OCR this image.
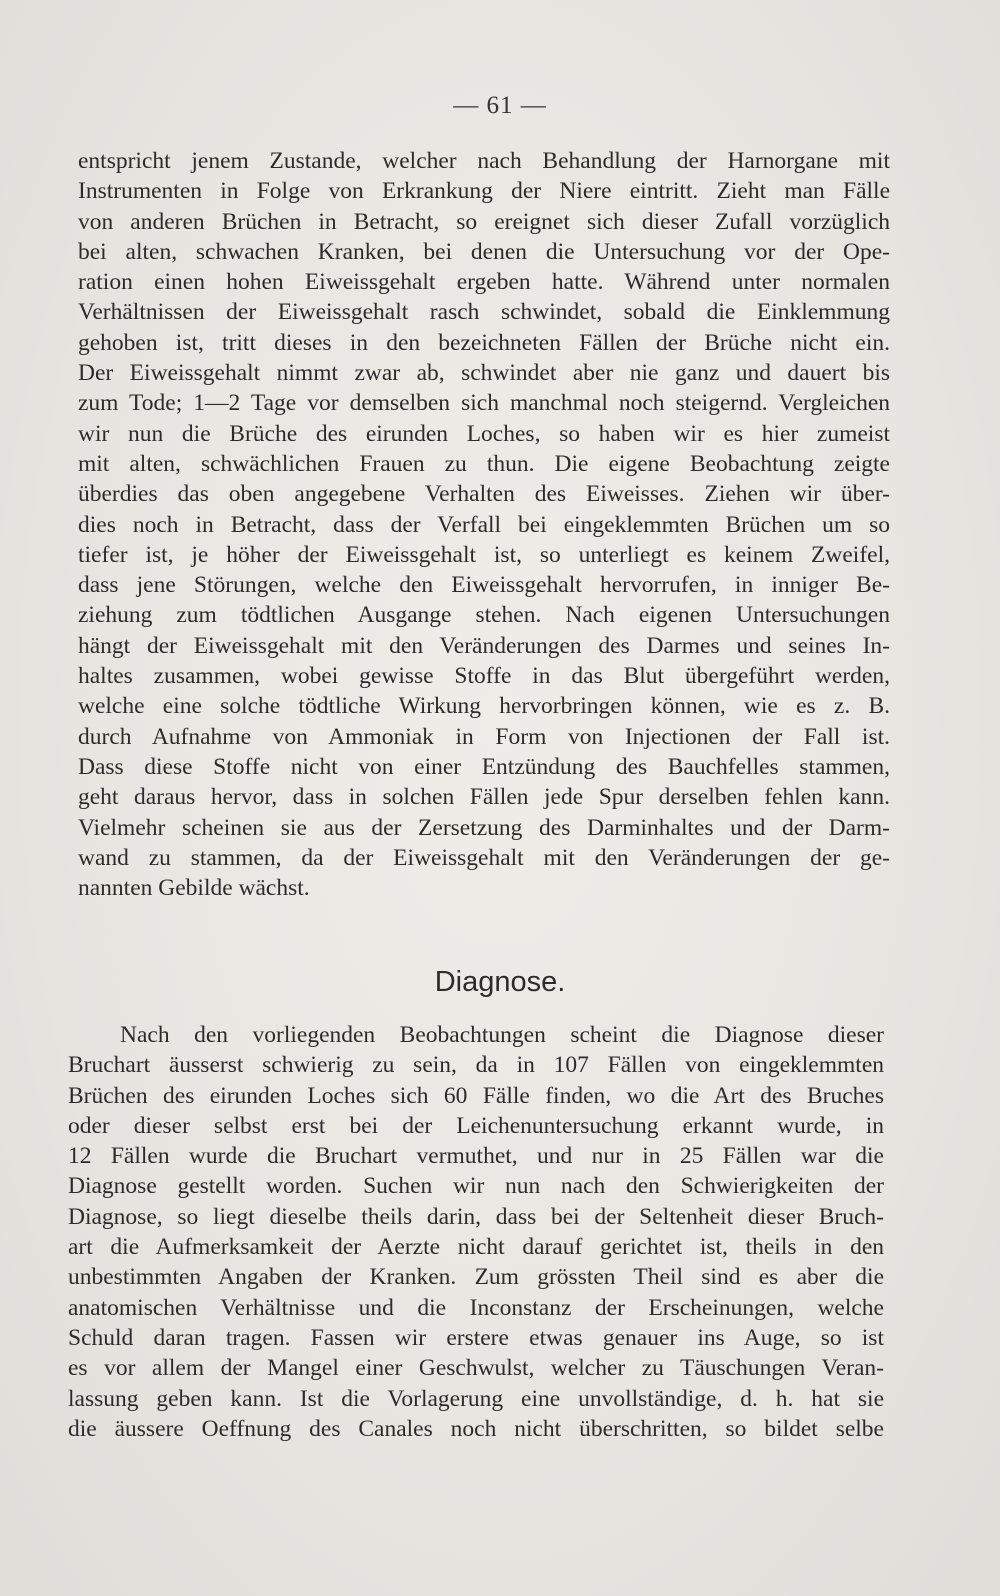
— 61 —
entspricht jenem Zustande, welcher nach Behandlung der Harnorgane mit
Instrumenten in Folge von Erkrankung der Niere eintritt. Zieht man Fälle
von anderen Brüchen in Betracht, so ereignet sich dieser Zufall vorzüglich
bei alten, schwachen Kranken, bei denen die Untersuchung vor der Ope-
ration einen hohen Eiweissgehalt ergeben hatte. Während unter normalen
Verhältnissen der Eiweissgehalt rasch schwindet, sobald die Einklemmung
gehoben ist, tritt dieses in den bezeichneten Fällen der Brüche nicht ein.
Der Eiweissgehalt nimmt zwar ab, schwindet aber nie ganz und dauert bis
zum Tode; 1—2 Tage vor demselben sich manchmal noch steigernd. Vergleichen
wir nun die Brüche des eirunden Loches, so haben wir es hier zumeist
mit alten, schwächlichen Frauen zu thun. Die eigene Beobachtung zeigte
überdies das oben angegebene Verhalten des Eiweisses. Ziehen wir über-
dies noch in Betracht, dass der Verfall bei eingeklemmten Brüchen um so
tiefer ist, je höher der Eiweissgehalt ist, so unterliegt es keinem Zweifel,
dass jene Störungen, welche den Eiweissgehalt hervorrufen, in inniger Be-
ziehung zum tödtlichen Ausgange stehen. Nach eigenen Untersuchungen
hängt der Eiweissgehalt mit den Veränderungen des Darmes und seines In-
haltes zusammen, wobei gewisse Stoffe in das Blut übergeführt werden,
welche eine solche tödtliche Wirkung hervorbringen können, wie es z. B.
durch Aufnahme von Ammoniak in Form von Injectionen der Fall ist.
Dass diese Stoffe nicht von einer Entzündung des Bauchfelles stammen,
geht daraus hervor, dass in solchen Fällen jede Spur derselben fehlen kann.
Vielmehr scheinen sie aus der Zersetzung des Darminhaltes und der Darm-
wand zu stammen, da der Eiweissgehalt mit den Veränderungen der ge-
nannten Gebilde wächst.
Diagnose.
Nach den vorliegenden Beobachtungen scheint die Diagnose dieser
Bruchart äusserst schwierig zu sein, da in 107 Fällen von eingeklemmten
Brüchen des eirunden Loches sich 60 Fälle finden, wo die Art des Bruches
oder dieser selbst erst bei der Leichenuntersuchung erkannt wurde, in
12 Fällen wurde die Bruchart vermuthet, und nur in 25 Fällen war die
Diagnose gestellt worden. Suchen wir nun nach den Schwierigkeiten der
Diagnose, so liegt dieselbe theils darin, dass bei der Seltenheit dieser Bruch-
art die Aufmerksamkeit der Aerzte nicht darauf gerichtet ist, theils in den
unbestimmten Angaben der Kranken. Zum grössten Theil sind es aber die
anatomischen Verhältnisse und die Inconstanz der Erscheinungen, welche
Schuld daran tragen. Fassen wir erstere etwas genauer ins Auge, so ist
es vor allem der Mangel einer Geschwulst, welcher zu Täuschungen Veran-
lassung geben kann. Ist die Vorlagerung eine unvollständige, d. h. hat sie
die äussere Oeffnung des Canales noch nicht überschritten, so bildet selbe
